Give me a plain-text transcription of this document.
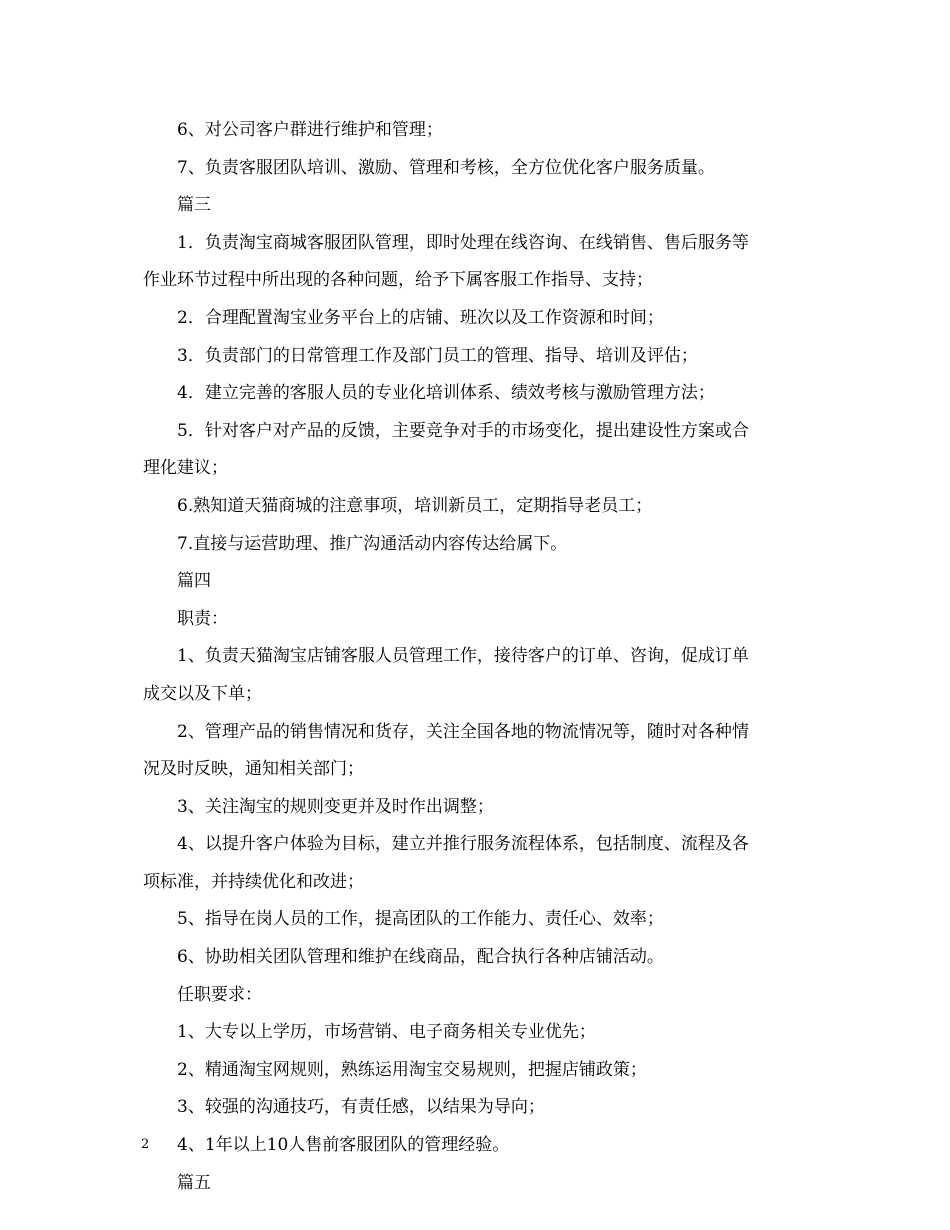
6、对公司客户群进行维护和管理；
7、负责客服团队培训、激励、管理和考核，全方位优化客户服务质量。
篇三
1．负责淘宝商城客服团队管理，即时处理在线咨询、在线销售、售后服务等
作业环节过程中所出现的各种问题，给予下属客服工作指导、支持；
2．合理配置淘宝业务平台上的店铺、班次以及工作资源和时间；
3．负责部门的日常管理工作及部门员工的管理、指导、培训及评估；
4．建立完善的客服人员的专业化培训体系、绩效考核与激励管理方法；
5．针对客户对产品的反馈，主要竞争对手的市场变化，提出建设性方案或合
理化建议；
6.熟知道天猫商城的注意事项，培训新员工，定期指导老员工；
7.直接与运营助理、推广沟通活动内容传达给属下。
篇四
职责：
1、负责天猫淘宝店铺客服人员管理工作，接待客户的订单、咨询，促成订单
成交以及下单；
2、管理产品的销售情况和货存，关注全国各地的物流情况等，随时对各种情
况及时反映，通知相关部门；
3、关注淘宝的规则变更并及时作出调整；
4、以提升客户体验为目标，建立并推行服务流程体系，包括制度、流程及各
项标准，并持续优化和改进；
5、指导在岗人员的工作，提高团队的工作能力、责任心、效率；
6、协助相关团队管理和维护在线商品，配合执行各种店铺活动。
任职要求：
1、大专以上学历，市场营销、电子商务相关专业优先；
2、精通淘宝网规则，熟练运用淘宝交易规则，把握店铺政策；
3、较强的沟通技巧，有责任感，以结果为导向；
4、1年以上10人售前客服团队的管理经验。
篇五
2
